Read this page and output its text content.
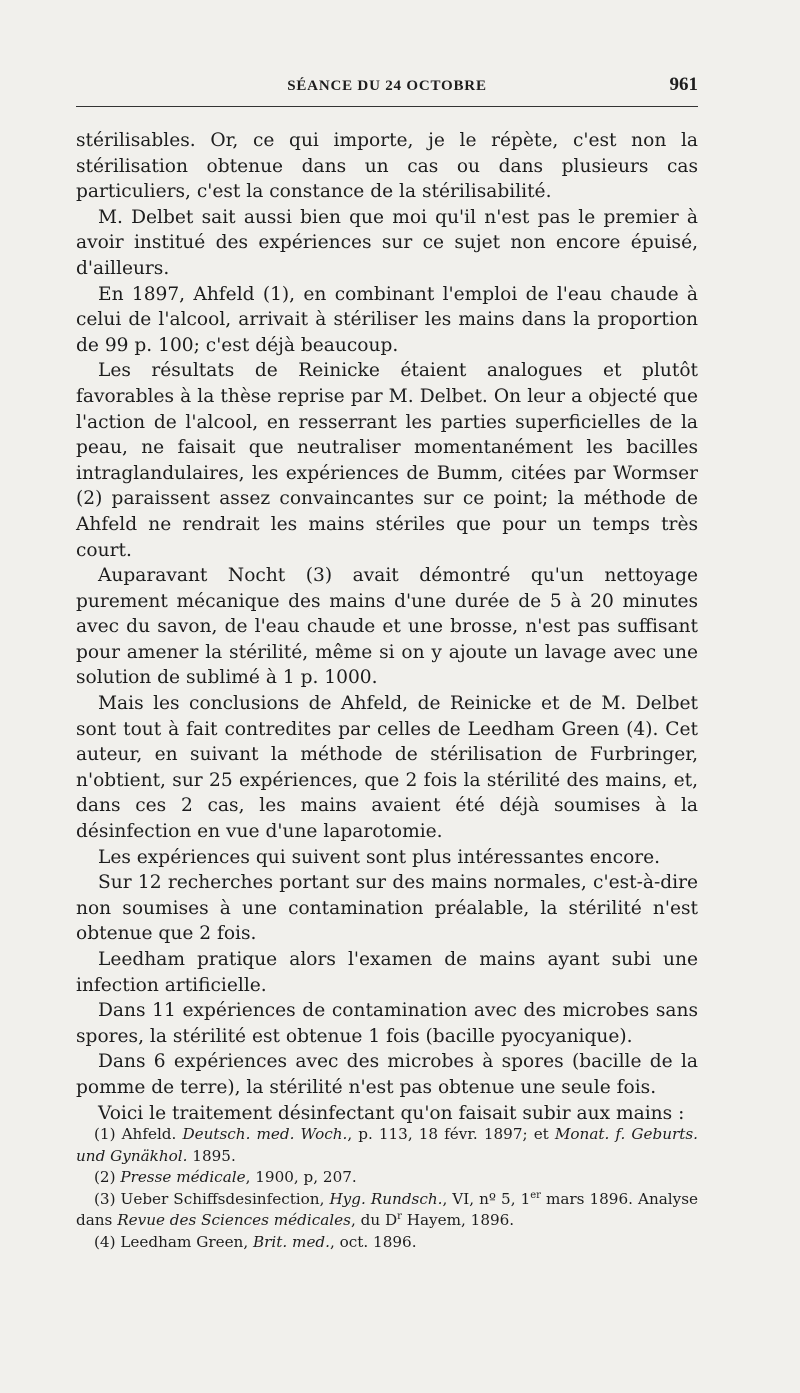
SÉANCE DU 24 OCTOBRE	961

stérilisables. Or, ce qui importe, je le répète, c'est non la stérilisation obtenue dans un cas ou dans plusieurs cas particuliers, c'est la constance de la stérilisabilité.

M. Delbet sait aussi bien que moi qu'il n'est pas le premier à avoir institué des expériences sur ce sujet non encore épuisé, d'ailleurs.

En 1897, Ahfeld (1), en combinant l'emploi de l'eau chaude à celui de l'alcool, arrivait à stériliser les mains dans la proportion de 99 p. 100; c'est déjà beaucoup.

Les résultats de Reinicke étaient analogues et plutôt favorables à la thèse reprise par M. Delbet. On leur a objecté que l'action de l'alcool, en resserrant les parties superficielles de la peau, ne faisait que neutraliser momentanément les bacilles intraglandulaires, les expériences de Bumm, citées par Wormser (2) paraissent assez convaincantes sur ce point; la méthode de Ahfeld ne rendrait les mains stériles que pour un temps très court.

Auparavant Nocht (3) avait démontré qu'un nettoyage purement mécanique des mains d'une durée de 5 à 20 minutes avec du savon, de l'eau chaude et une brosse, n'est pas suffisant pour amener la stérilité, même si on y ajoute un lavage avec une solution de sublimé à 1 p. 1000.

Mais les conclusions de Ahfeld, de Reinicke et de M. Delbet sont tout à fait contredites par celles de Leedham Green (4). Cet auteur, en suivant la méthode de stérilisation de Furbringer, n'obtient, sur 25 expériences, que 2 fois la stérilité des mains, et, dans ces 2 cas, les mains avaient été déjà soumises à la désinfection en vue d'une laparotomie.

Les expériences qui suivent sont plus intéressantes encore.

Sur 12 recherches portant sur des mains normales, c'est-à-dire non soumises à une contamination préalable, la stérilité n'est obtenue que 2 fois.

Leedham pratique alors l'examen de mains ayant subi une infection artificielle.

Dans 11 expériences de contamination avec des microbes sans spores, la stérilité est obtenue 1 fois (bacille pyocyanique).

Dans 6 expériences avec des microbes à spores (bacille de la pomme de terre), la stérilité n'est pas obtenue une seule fois.

Voici le traitement désinfectant qu'on faisait subir aux mains :

(1) Ahfeld. Deutsch. med. Woch., p. 113, 18 févr. 1897; et Monat. f. Geburts. und Gynäkhol. 1895.

(2) Presse médicale, 1900, p, 207.

(3) Ueber Schiffsdesinfection, Hyg. Rundsch., VI, nº 5, 1er mars 1896. Analyse dans Revue des Sciences médicales, du $D^r$ Hayem, 1896.

(4) Leedham Green, Brit. med., oct. 1896.
